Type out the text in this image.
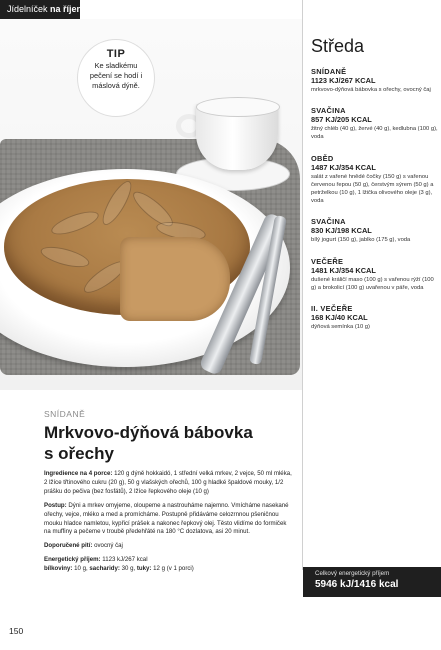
Jídelníček na říjen
TIP
Ke sladkému pečení se hodí i máslová dýně.
Středa
SNÍDANĚ
1123 KJ/267 KCAL
mrkvovo-dýňová bábovka s ořechy, ovocný čaj
SVAČINA
857 KJ/205 KCAL
žitný chléb (40 g), žervé (40 g), kedlubna (100 g), voda
OBĚD
1487 KJ/354 KCAL
salát z vařené hnědé čočky (150 g) s vařenou červenou řepou (50 g), čerstvým sýrem (50 g) a petrželkou (10 g), 1 lžička olivového oleje (3 g), voda
SVAČINA
830 KJ/198 KCAL
bílý jogurt (150 g), jablko (175 g), voda
VEČEŘE
1481 KJ/354 KCAL
dušené králičí maso (100 g) s vařenou rýží (100 g) a brokolicí (100 g) uvařenou v páře, voda
II. VEČEŘE
168 KJ/40 KCAL
dýňová semínka (10 g)
Celkový energetický příjem
5946 kJ/1416 kcal
SNÍDANĚ
Mrkvovo-dýňová bábovka
s ořechy
Ingredience na 4 porce: 120 g dýně hokkaidó, 1 střední velká mrkev, 2 vejce, 50 ml mléka, 2 lžíce třtinového cukru (20 g), 50 g vlašských ořechů, 100 g hladké špaldové mouky, 1/2 prášku do pečiva (bez fosfátů), 2 lžíce řepkového oleje (10 g)
Postup: Dýni a mrkev omyjeme, oloupeme a nastrouháme najemno. Vmícháme nasekané ořechy, vejce, mléko a med a promícháme. Postupně přidáváme celozrnnou pšeničnou mouku hladce namletou, kypřicí prášek a nakonec řepkový olej. Těsto vlidíme do formiček na muffiny a pečeme v troubě předehřáté na 180 °C dozlatova, asi 20 minut.
Doporučené pití: ovocný čaj
Energetický příjem: 1123 kJ/267 kcal
bílkoviny: 10 g, sacharidy: 30 g, tuky: 12 g (v 1 porci)
150
